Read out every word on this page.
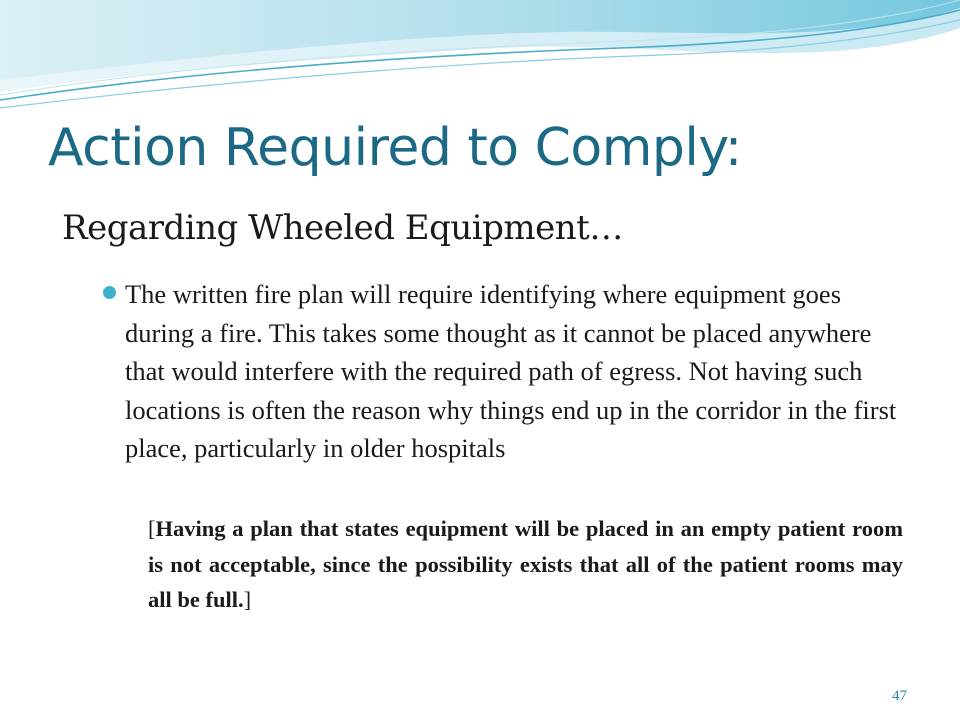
Action Required to Comply:
Regarding Wheeled Equipment…

The written fire plan will require identifying where equipment goes during a fire. This takes some thought as it cannot be placed anywhere that would interfere with the required path of egress. Not having such locations is often the reason why things end up in the corridor in the first place, particularly in older hospitals

[Having a plan that states equipment will be placed in an empty patient room is not acceptable, since the possibility exists that all of the patient rooms may all be full.]

47
